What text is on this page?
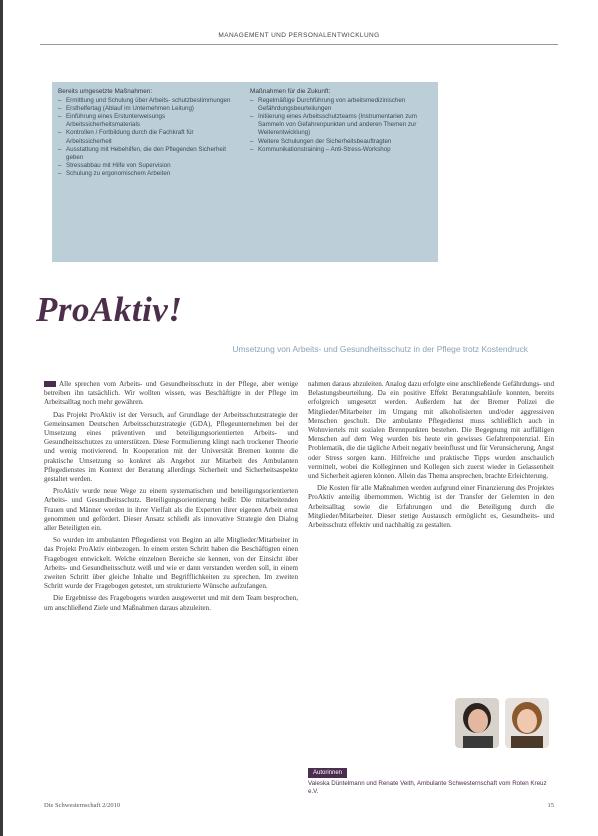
MANAGEMENT UND PERSONALENTWICKLUNG
Bereits umgesetzte Maßnahmen:
– Ermittlung und Schulung über Arbeits- schutzbestimmungen
– Ersthelfertag (Ablauf im Unternehmen Leitung)
– Einführung eines Erstunterweisungs Arbeitssicherheitsmaterials
– Kontrollen / Fortbildung durch die Fachkraft für Arbeitssicherheit
– Ausstattung mit Hebehilfen, die den Pflegenden Sicherheit geben
– Stressabbau mit Hilfe von Supervision
– Schulung zu ergonomischem Arbeiten
Maßnahmen für die Zukunft:
– Regelmäßige Durchführung von arbeitsmedizinischen Gefährdungsbeurteilungen
– Initiierung eines Arbeitsschutzteams (Instrumentarien zum Sammeln von Gefahrenpunkten und anderen Themen zur Weiterentwicklung)
– Weitere Schulungen der Sicherheitsbeauftragten
– Kommunikationstraining – Anti-Stress-Workshop
ProAktiv!
Umsetzung von Arbeits- und Gesundheitsschutz in der Pflege trotz Kostendruck

Alle sprechen vom Arbeits- und Gesundheitsschutz in der Pflege, aber wenige betreiben ihn tatsächlich. Wir wollten wissen, was Beschäftigte in der Pflege im Arbeitsalltag noch mehr gewähren.

Das Projekt ProAktiv ist der Versuch, auf Grundlage der Arbeitsschutzstrategie der Gemeinsamen Deutschen Arbeitsschutzstrategie (GDA), Pflegeunternehmen bei der Umsetzung eines präventiven und beteiligungsorientierten Arbeits- und Gesundheitsschutzes zu unterstützen. Diese Formulierung klingt nach trockener Theorie und wenig motivierend. In Kooperation mit der Universität Bremen konnte die praktische Umsetzung so konkret als Angebot zur Mitarbeit des Ambulanten Pflegedienstes im Kontext der Beratung allerdings Sicherheit und Sicherheitsaspekte gestaltet werden.

ProAktiv wurde neue Wege zu einem systematischen und beteiligungsorientierten Arbeits- und Gesundheitsschutz. Beteiligungsorientierung heißt: Die mitarbeitenden Frauen und Männer werden in ihrer Vielfalt als die Experten ihrer eigenen Arbeit ernst genommen und gefördert. Dieser Ansatz schließt als innovative Strategie den Dialog aller Beteiligten ein.

So wurden im ambulanten Pflegedienst von Beginn an alle Mitglieder/Mitarbeiter in das Projekt ProAktiv einbezogen. In einem ersten Schritt haben die Beschäftigten einen Fragebogen entwickelt. Welche einzelnen Bereiche sie kennen, von der Einsicht über Arbeits- und Gesundheitsschutz weiß und wie er dann verstanden werden soll, in einem zweiten Schritt über gleiche Inhalte und Begrifflichkeiten zu sprechen. Im zweiten Schritt wurde der Fragebogen getestet, um strukturierte Wünsche aufzufangen.

Die Ergebnisse des Fragebogens wurden ausgewertet und mit dem Team besprochen, um anschließend Ziele und Maßnahmen daraus abzuleiten.

nahmen daraus abzuleiten. Analog dazu erfolgte eine anschließende Gefährdungs- und Belastungsbeurteilung. Da ein positive Effekt Beratungsabläufe konnten, bereits erfolgreich umgesetzt werden. Außerdem hat der Bremer Polizei die Mitglieder/Mitarbeiter im Umgang mit alkoholisierten und/oder aggressiven Menschen geschult. Die ambulante Pflegedienst muss schließlich auch in Wohnviertels mit sozialen Brennpunkten bestehen. Die Begegnung mit auffälligen Menschen auf dem Weg wurden bis heute ein gewisses Gefahrenpotenzial. Ein Problematik, die die tägliche Arbeit negativ beeinflusst und für Verunsicherung, Angst oder Stress sorgen kann. Hilfreiche und praktische Tipps wurden anschaulich vermittelt, wobei die Kolleginnen und Kollegen sich zuerst wieder in Gelassenheit und Sicherheit agieren können. Allein das Thema ansprechen, brachte Erleichterung.

Die Kosten für alle Maßnahmen werden aufgrund einer Finanzierung des Projektes ProAktiv anteilig übernommen. Wichtig ist der Transfer der Gelernten in den Arbeitsalltag sowie die Erfahrungen und die Beteiligung durch die Mitglieder/Mitarbeiter. Dieser stetige Austausch ermöglicht es, Gesundheits- und Arbeitsschutz effektiv und nachhaltig zu gestalten.

Autorinnen
Valeska Düntelmann und Renate Veith, Ambulante Schwesternschaft vom Roten Kreuz e.V.
Die Schwesternschaft 2/2010	15
